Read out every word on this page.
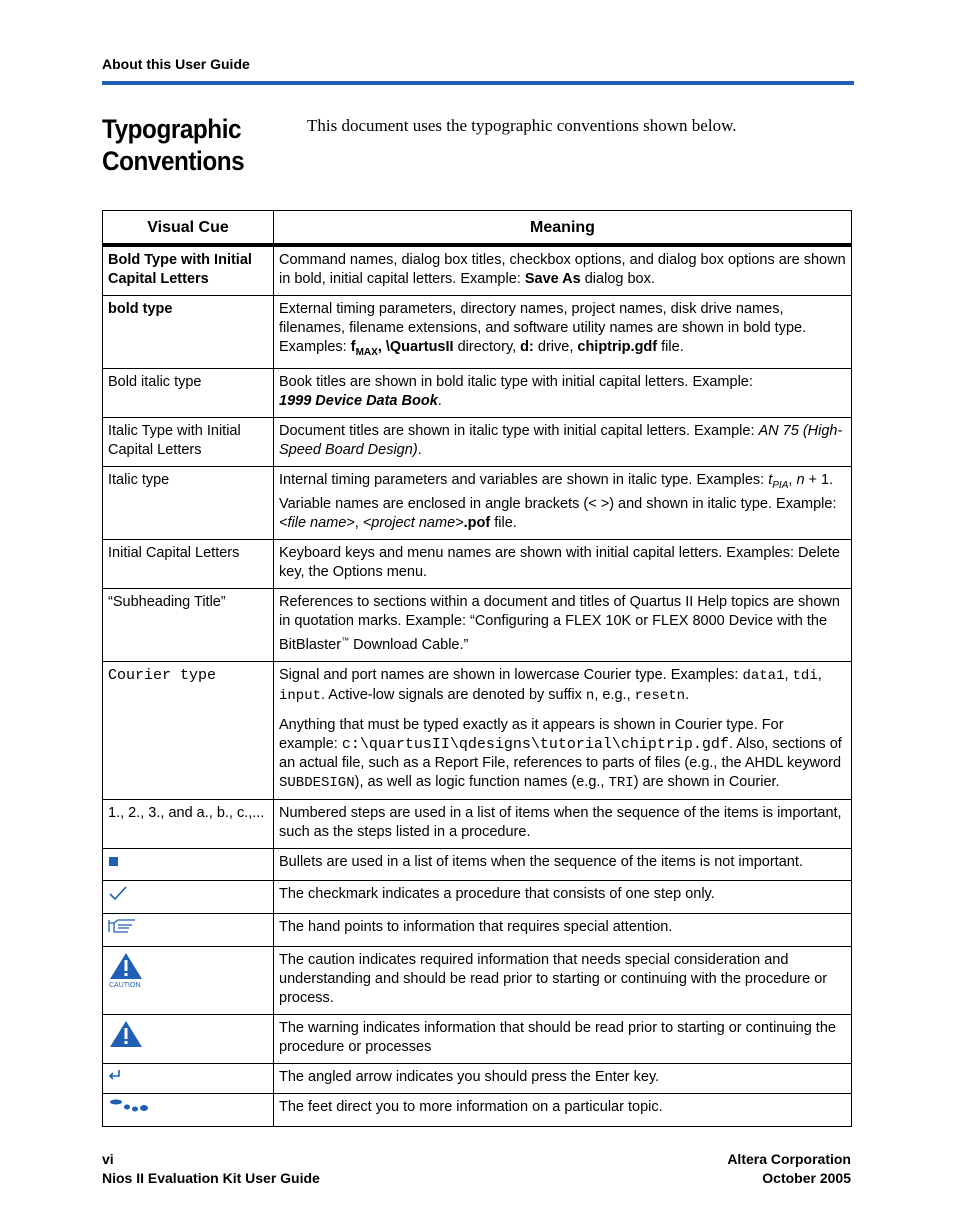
About this User Guide
Typographic
Conventions
This document uses the typographic conventions shown below.
Visual Cue	Meaning
Bold Type with Initial Capital Letters	Command names, dialog box titles, checkbox options, and dialog box options are shown in bold, initial capital letters. Example: Save As dialog box.
bold type	External timing parameters, directory names, project names, disk drive names, filenames, filename extensions, and software utility names are shown in bold type. Examples: $f_{MAX}$, \QuartusII directory, d: drive, chiptrip.gdf file.
Bold italic type	Book titles are shown in bold italic type with initial capital letters. Example:
1999 Device Data Book.
Italic Type with Initial Capital Letters	Document titles are shown in italic type with initial capital letters. Example: AN 75 (High-Speed Board Design).
Italic type	Internal timing parameters and variables are shown in italic type. Examples: $t_{PIA}$, n + 1. Variable names are enclosed in angle brackets (< >) and shown in italic type. Example: <file name>, <project name>.pof file.
Initial Capital Letters	Keyboard keys and menu names are shown with initial capital letters. Examples: Delete key, the Options menu.
“Subheading Title”	References to sections within a document and titles of Quartus II Help topics are shown in quotation marks. Example: “Configuring a FLEX 10K or FLEX 8000 Device with the BitBlaster™ Download Cable.”
Courier type	Signal and port names are shown in lowercase Courier type. Examples: data1, tdi, input. Active-low signals are denoted by suffix n, e.g., resetn.
Anything that must be typed exactly as it appears is shown in Courier type. For example: c:\quartusII\qdesigns\tutorial\chiptrip.gdf. Also, sections of an actual file, such as a Report File, references to parts of files (e.g., the AHDL keyword SUBDESIGN), as well as logic function names (e.g., TRI) are shown in Courier.
1., 2., 3., and a., b., c.,...	Numbered steps are used in a list of items when the sequence of the items is important, such as the steps listed in a procedure.
	Bullets are used in a list of items when the sequence of the items is not important.
	The checkmark indicates a procedure that consists of one step only.
	The hand points to information that requires special attention.

CAUTION	The caution indicates required information that needs special consideration and understanding and should be read prior to starting or continuing with the procedure or process.
	The warning indicates information that should be read prior to starting or continuing the procedure or processes
	The angled arrow indicates you should press the Enter key.
	The feet direct you to more information on a particular topic.
vi
Nios II Evaluation Kit User Guide
Altera Corporation
October 2005
